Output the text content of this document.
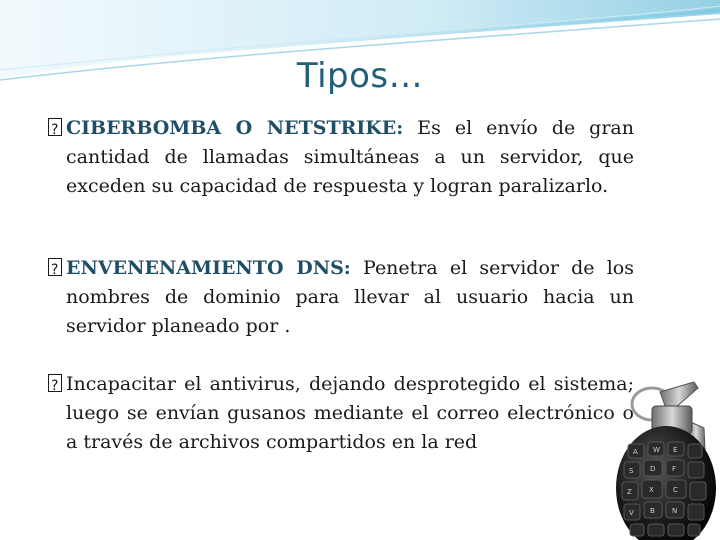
Tipos…

?CIBERBOMBA O NETSTRIKE: Es el envío de gran cantidad de llamadas simultáneas a un servidor, que exceden su capacidad de respuesta y logran paralizarlo.

?ENVENENAMIENTO DNS: Penetra el servidor de los nombres de dominio para llevar al usuario hacia un servidor planeado por .

?Incapacitar el antivirus, dejando desprotegido el sistema; luego se envían gusanos mediante el correo electrónico o a través de archivos compartidos en la red	A W E
S D F
Z X	C
V B N
